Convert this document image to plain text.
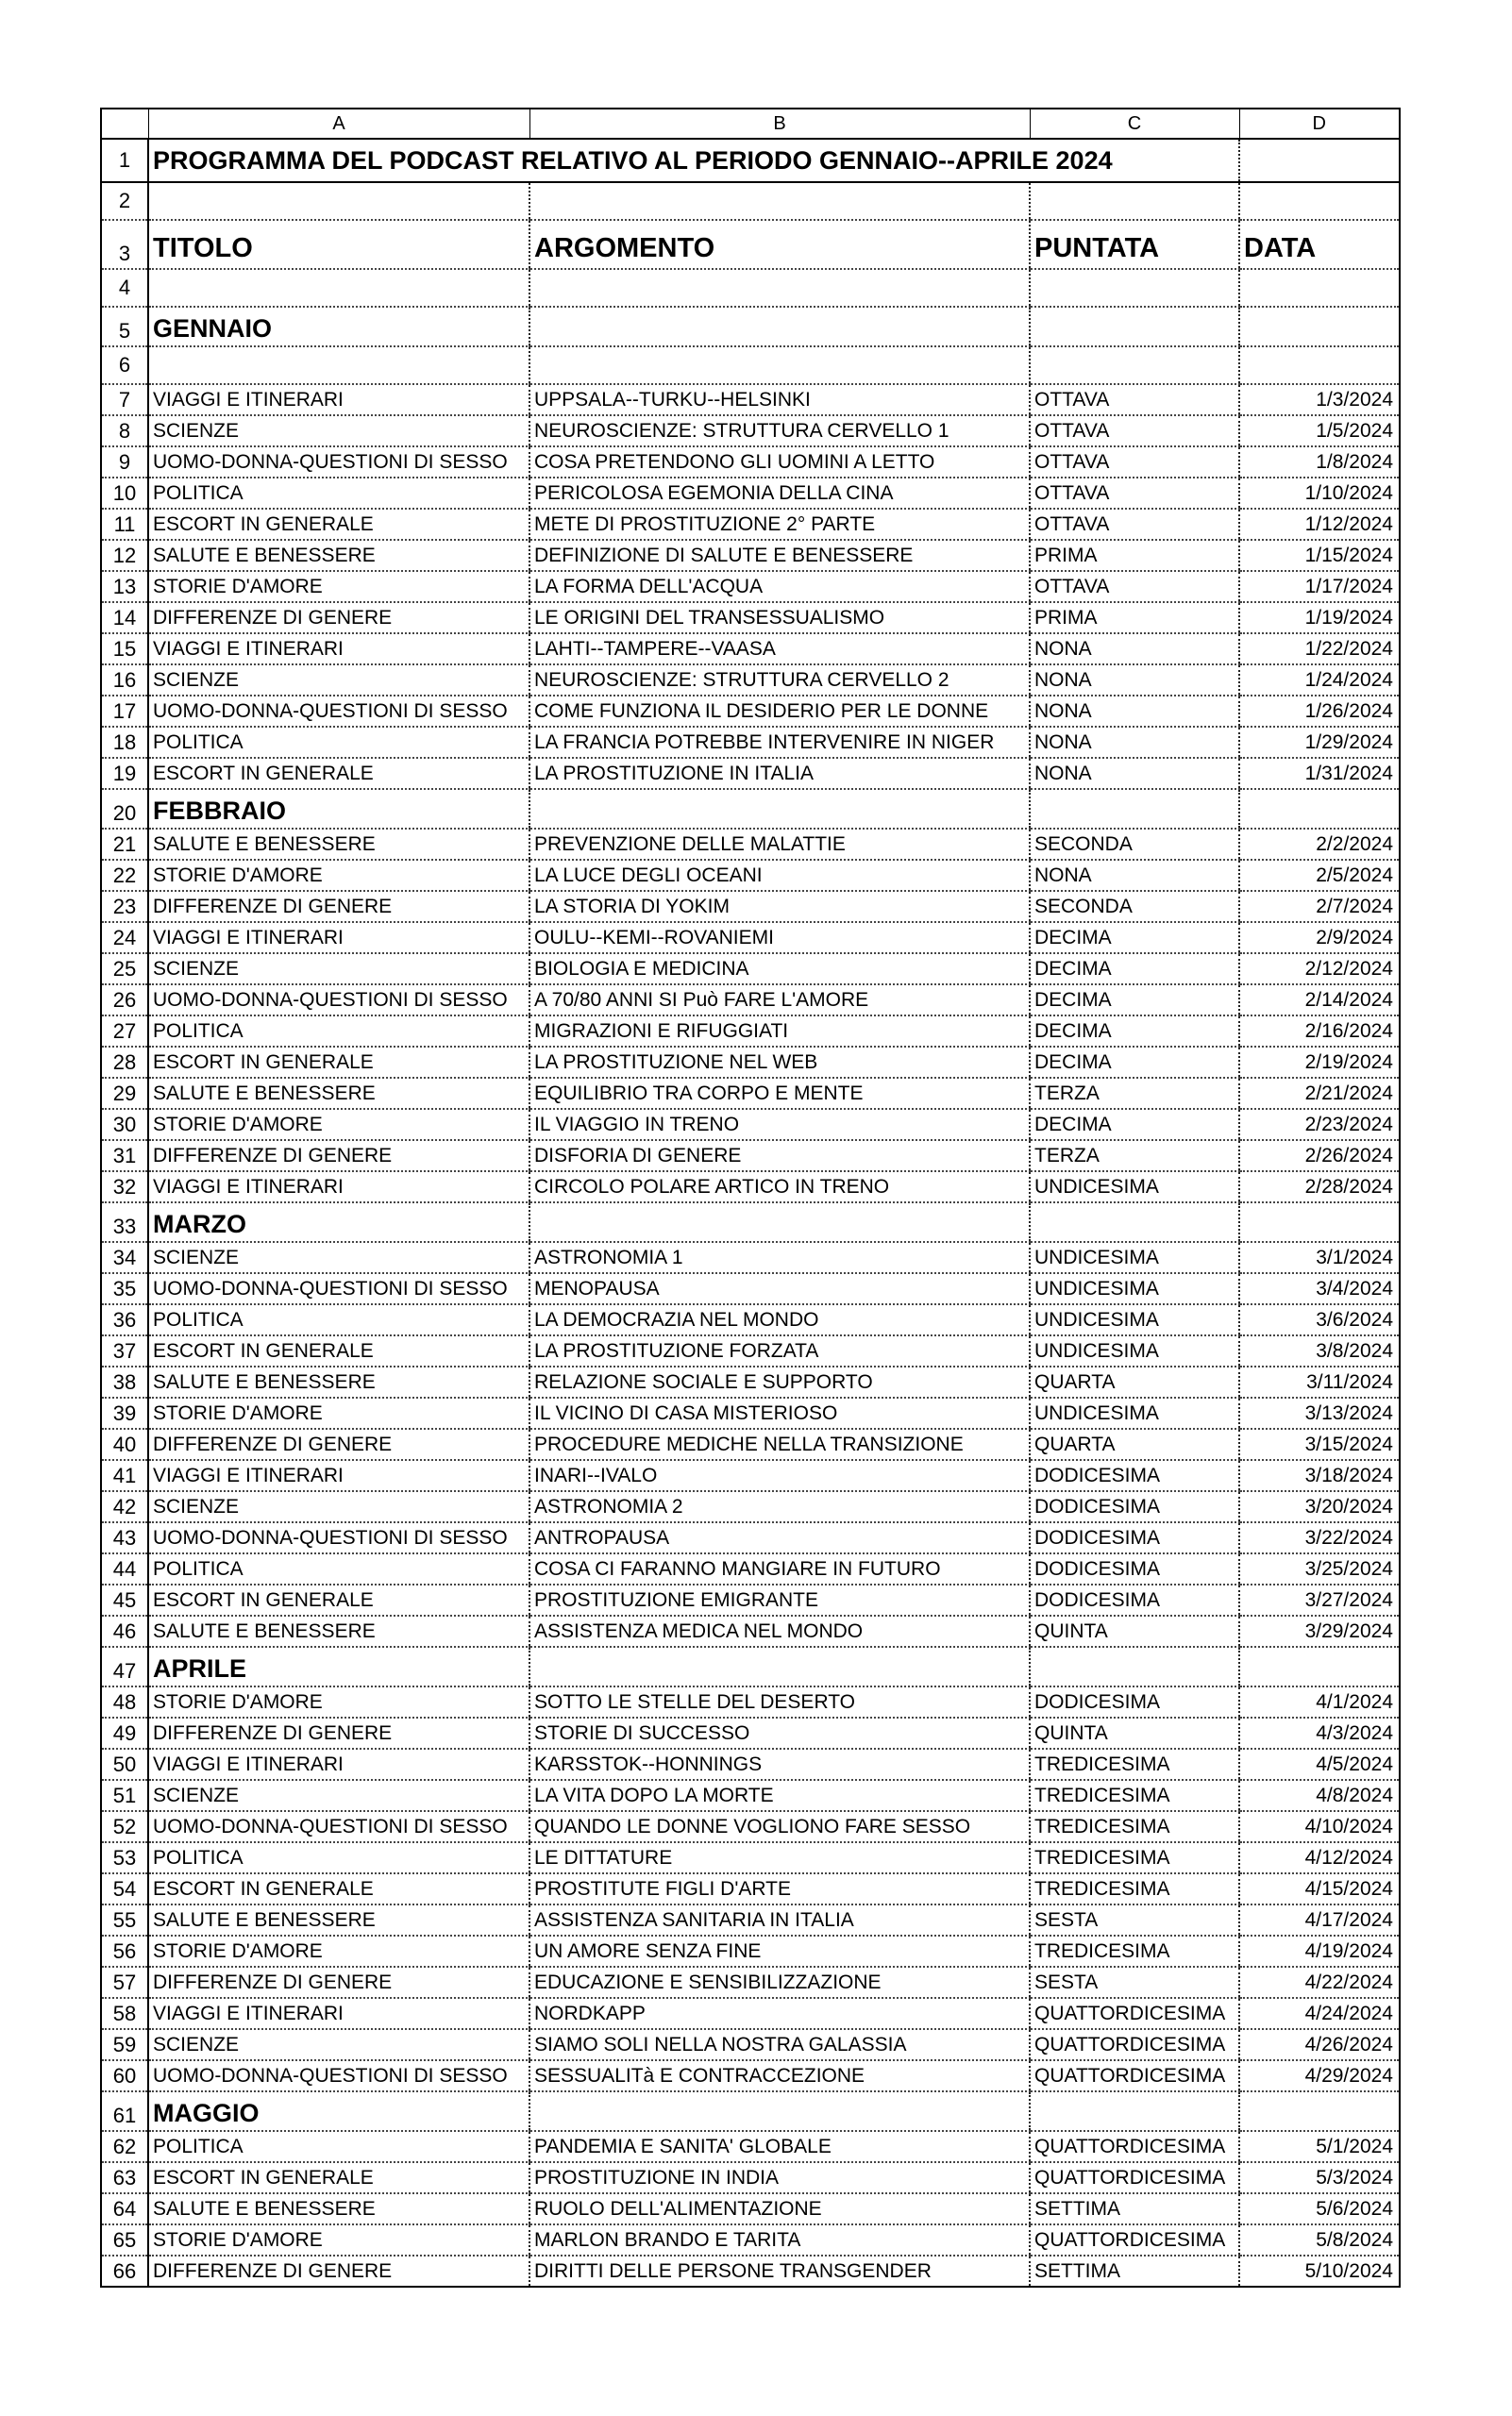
	A	B	C	D
1	PROGRAMMA DEL PODCAST RELATIVO AL PERIODO GENNAIO--APRILE 2024			
2				
3	TITOLO	ARGOMENTO	PUNTATA	DATA
4				
5	GENNAIO			
6				
7	VIAGGI E ITINERARI	UPPSALA--TURKU--HELSINKI	OTTAVA	1/3/2024
8	SCIENZE	NEUROSCIENZE: STRUTTURA CERVELLO 1	OTTAVA	1/5/2024
9	UOMO-DONNA-QUESTIONI DI SESSO	COSA PRETENDONO GLI UOMINI A LETTO	OTTAVA	1/8/2024
10	POLITICA	PERICOLOSA EGEMONIA DELLA CINA	OTTAVA	1/10/2024
11	ESCORT IN GENERALE	METE DI PROSTITUZIONE 2° PARTE	OTTAVA	1/12/2024
12	SALUTE E BENESSERE	DEFINIZIONE DI SALUTE E BENESSERE	PRIMA	1/15/2024
13	STORIE D'AMORE	LA FORMA DELL'ACQUA	OTTAVA	1/17/2024
14	DIFFERENZE DI GENERE	LE ORIGINI DEL TRANSESSUALISMO	PRIMA	1/19/2024
15	VIAGGI E ITINERARI	LAHTI--TAMPERE--VAASA	NONA	1/22/2024
16	SCIENZE	NEUROSCIENZE: STRUTTURA CERVELLO 2	NONA	1/24/2024
17	UOMO-DONNA-QUESTIONI DI SESSO	COME FUNZIONA IL DESIDERIO PER LE DONNE	NONA	1/26/2024
18	POLITICA	LA FRANCIA POTREBBE INTERVENIRE IN NIGER	NONA	1/29/2024
19	ESCORT IN GENERALE	LA PROSTITUZIONE IN ITALIA	NONA	1/31/2024
20	FEBBRAIO			
21	SALUTE E BENESSERE	PREVENZIONE DELLE MALATTIE	SECONDA	2/2/2024
22	STORIE D'AMORE	LA LUCE DEGLI OCEANI	NONA	2/5/2024
23	DIFFERENZE DI GENERE	LA STORIA DI YOKIM	SECONDA	2/7/2024
24	VIAGGI E ITINERARI	OULU--KEMI--ROVANIEMI	DECIMA	2/9/2024
25	SCIENZE	BIOLOGIA E MEDICINA	DECIMA	2/12/2024
26	UOMO-DONNA-QUESTIONI DI SESSO	A 70/80 ANNI SI Può FARE L'AMORE	DECIMA	2/14/2024
27	POLITICA	MIGRAZIONI E RIFUGGIATI	DECIMA	2/16/2024
28	ESCORT IN GENERALE	LA PROSTITUZIONE NEL WEB	DECIMA	2/19/2024
29	SALUTE E BENESSERE	EQUILIBRIO TRA CORPO E MENTE	TERZA	2/21/2024
30	STORIE D'AMORE	IL VIAGGIO IN TRENO	DECIMA	2/23/2024
31	DIFFERENZE DI GENERE	DISFORIA DI GENERE	TERZA	2/26/2024
32	VIAGGI E ITINERARI	CIRCOLO POLARE ARTICO IN TRENO	UNDICESIMA	2/28/2024
33	MARZO			
34	SCIENZE	ASTRONOMIA 1	UNDICESIMA	3/1/2024
35	UOMO-DONNA-QUESTIONI DI SESSO	MENOPAUSA	UNDICESIMA	3/4/2024
36	POLITICA	LA DEMOCRAZIA NEL MONDO	UNDICESIMA	3/6/2024
37	ESCORT IN GENERALE	LA PROSTITUZIONE FORZATA	UNDICESIMA	3/8/2024
38	SALUTE E BENESSERE	RELAZIONE SOCIALE E SUPPORTO	QUARTA	3/11/2024
39	STORIE D'AMORE	IL VICINO DI CASA MISTERIOSO	UNDICESIMA	3/13/2024
40	DIFFERENZE DI GENERE	PROCEDURE MEDICHE NELLA TRANSIZIONE	QUARTA	3/15/2024
41	VIAGGI E ITINERARI	INARI--IVALO	DODICESIMA	3/18/2024
42	SCIENZE	ASTRONOMIA 2	DODICESIMA	3/20/2024
43	UOMO-DONNA-QUESTIONI DI SESSO	ANTROPAUSA	DODICESIMA	3/22/2024
44	POLITICA	COSA CI FARANNO MANGIARE IN FUTURO	DODICESIMA	3/25/2024
45	ESCORT IN GENERALE	PROSTITUZIONE EMIGRANTE	DODICESIMA	3/27/2024
46	SALUTE E BENESSERE	ASSISTENZA MEDICA NEL MONDO	QUINTA	3/29/2024
47	APRILE			
48	STORIE D'AMORE	SOTTO LE STELLE DEL DESERTO	DODICESIMA	4/1/2024
49	DIFFERENZE DI GENERE	STORIE DI SUCCESSO	QUINTA	4/3/2024
50	VIAGGI E ITINERARI	KARSSTOK--HONNINGS	TREDICESIMA	4/5/2024
51	SCIENZE	LA VITA DOPO LA MORTE	TREDICESIMA	4/8/2024
52	UOMO-DONNA-QUESTIONI DI SESSO	QUANDO LE DONNE VOGLIONO FARE SESSO	TREDICESIMA	4/10/2024
53	POLITICA	LE DITTATURE	TREDICESIMA	4/12/2024
54	ESCORT IN GENERALE	PROSTITUTE FIGLI D'ARTE	TREDICESIMA	4/15/2024
55	SALUTE E BENESSERE	ASSISTENZA SANITARIA IN ITALIA	SESTA	4/17/2024
56	STORIE D'AMORE	UN AMORE SENZA FINE	TREDICESIMA	4/19/2024
57	DIFFERENZE DI GENERE	EDUCAZIONE E SENSIBILIZZAZIONE	SESTA	4/22/2024
58	VIAGGI E ITINERARI	NORDKAPP	QUATTORDICESIMA	4/24/2024
59	SCIENZE	SIAMO SOLI NELLA NOSTRA GALASSIA	QUATTORDICESIMA	4/26/2024
60	UOMO-DONNA-QUESTIONI DI SESSO	SESSUALITà E CONTRACCEZIONE	QUATTORDICESIMA	4/29/2024
61	MAGGIO			
62	POLITICA	PANDEMIA E SANITA' GLOBALE	QUATTORDICESIMA	5/1/2024
63	ESCORT IN GENERALE	PROSTITUZIONE IN INDIA	QUATTORDICESIMA	5/3/2024
64	SALUTE E BENESSERE	RUOLO DELL'ALIMENTAZIONE	SETTIMA	5/6/2024
65	STORIE D'AMORE	MARLON BRANDO E TARITA	QUATTORDICESIMA	5/8/2024
66	DIFFERENZE DI GENERE	DIRITTI DELLE PERSONE TRANSGENDER	SETTIMA	5/10/2024
